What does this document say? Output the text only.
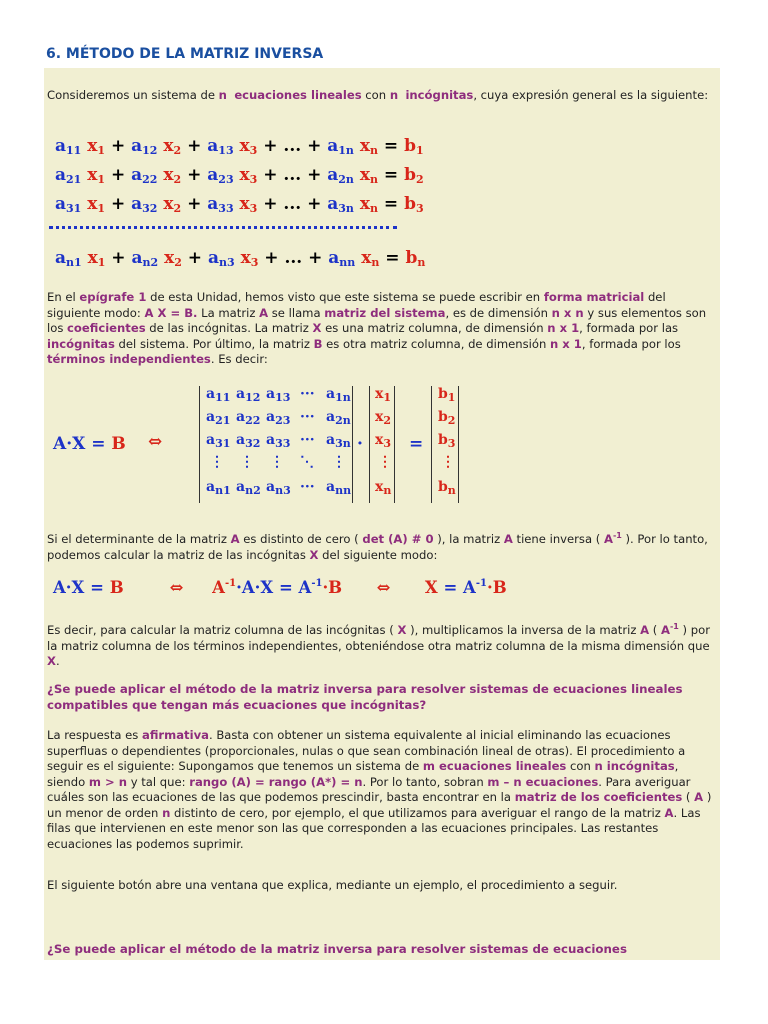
6. MÉTODO DE LA MATRIZ INVERSA
Consideremos un sistema de n ecuaciones lineales con n incógnitas, cuya expresión general es la siguiente:
$a_{11}$ $x_1 + a_{12}$ $x_2 + a_{13}$ $x_3$ + ... + $a_{1n}$ $x_n = b_1$
$a_{21}$ $x_1 + a_{22}$ $x_2 + a_{23}$ $x_3$ + ... + $a_{2n}$ $x_n = b_2$
$a_{31}$ $x_1 + a_{32}$ $x_2 + a_{33}$ $x_3$ + ... + $a_{3n}$ $x_n = b_3$
$a_{n1}$ $x_1 + a_{n2}$ $x_2 + a_{n3}$ $x_3$ + ... + $a_{nn}$ $x_n = b_n$
En el epígrafe 1 de esta Unidad, hemos visto que este sistema se puede escribir en forma matricial del siguiente modo: A X = B. La matriz A se llama matriz del sistema, es de dimensión n x n y sus elementos son los coeficientes de las incógnitas. La matriz X es una matriz columna, de dimensión n x 1, formada por las incógnitas del sistema. Por último, la matriz B es otra matriz columna, de dimensión n x 1, formada por los términos independientes. Es decir:
A·X = B ⇔
$a_{11}$ $a_{12}$ $a_{13}$ ··· $a_{1n}$
$a_{21}$ $a_{22}$ $a_{23}$ ··· $a_{2n}$
$a_{31}$ $a_{32}$ $a_{33}$ ··· $a_{3n}$
⋮ ⋮ ⋮ ⋱ ⋮
$a_{n1}$ $a_{n2}$ $a_{n3}$ ··· $a_{nn}$
·
$x_1$
$x_2$
$x_3$
⋮
$x_n$
=
$b_1$
$b_2$
$b_3$
⋮
$b_n$
Si el determinante de la matriz A es distinto de cero ( det (A) # 0 ), la matriz A tiene inversa ( $A^{-1}$ ). Por lo tanto, podemos calcular la matriz de las incógnitas X del siguiente modo:
A·X = B	⇔ $A^{-1}\cdot A\cdot X = A^{-1}\cdot B$ ⇔ $X = A^{-1}\cdot B$
Es decir, para calcular la matriz columna de las incógnitas ( X ), multiplicamos la inversa de la matriz A ( $A^{-1}$ ) por la matriz columna de los términos independientes, obteniéndose otra matriz columna de la misma dimensión que X.
¿Se puede aplicar el método de la matriz inversa para resolver sistemas de ecuaciones lineales compatibles que tengan más ecuaciones que incógnitas?
La respuesta es afirmativa. Basta con obtener un sistema equivalente al inicial eliminando las ecuaciones superfluas o dependientes (proporcionales, nulas o que sean combinación lineal de otras). El procedimiento a seguir es el siguiente: Supongamos que tenemos un sistema de m ecuaciones lineales con n incógnitas, siendo m > n y tal que: rango (A) = rango (A*) = n. Por lo tanto, sobran m – n ecuaciones. Para averiguar cuáles son las ecuaciones de las que podemos prescindir, basta encontrar en la matriz de los coeficientes ( A ) un menor de orden n distinto de cero, por ejemplo, el que utilizamos para averiguar el rango de la matriz A. Las filas que intervienen en este menor son las que corresponden a las ecuaciones principales. Las restantes ecuaciones las podemos suprimir.
El siguiente botón abre una ventana que explica, mediante un ejemplo, el procedimiento a seguir.
¿Se puede aplicar el método de la matriz inversa para resolver sistemas de ecuaciones
